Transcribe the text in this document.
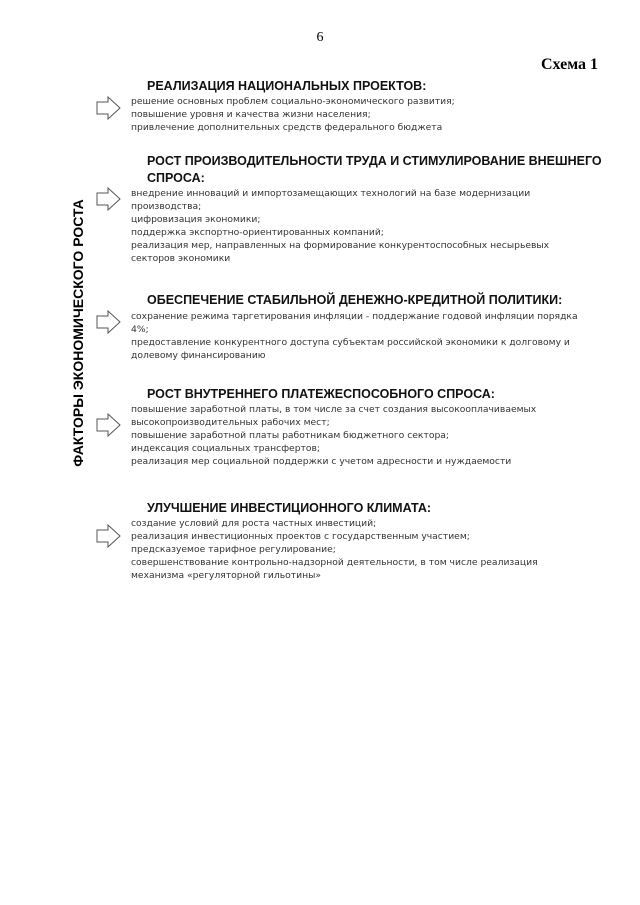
6
Схема 1
ФАКТОРЫ ЭКОНОМИЧЕСКОГО РОСТА
РЕАЛИЗАЦИЯ НАЦИОНАЛЬНЫХ ПРОЕКТОВ:
решение основных проблем социально-экономического развития;
повышение уровня и качества жизни населения;
привлечение дополнительных средств федерального бюджета
РОСТ ПРОИЗВОДИТЕЛЬНОСТИ ТРУДА И СТИМУЛИРОВАНИЕ ВНЕШНЕГО СПРОСА:
внедрение инноваций и импортозамещающих технологий на базе модернизации производства;
цифровизация экономики;
поддержка экспортно-ориентированных компаний;
реализация мер, направленных на формирование конкурентоспособных несырьевых секторов экономики
ОБЕСПЕЧЕНИЕ СТАБИЛЬНОЙ ДЕНЕЖНО-КРЕДИТНОЙ ПОЛИТИКИ:
сохранение режима таргетирования инфляции - поддержание годовой инфляции порядка 4%;
предоставление конкурентного доступа субъектам российской экономики к долговому и долевому финансированию
РОСТ ВНУТРЕННЕГО ПЛАТЕЖЕСПОСОБНОГО СПРОСА:
повышение заработной платы, в том числе за счет создания высокооплачиваемых высокопроизводительных рабочих мест;
повышение заработной платы работникам бюджетного сектора;
индексация социальных трансфертов;
реализация мер социальной поддержки с учетом адресности и нуждаемости
УЛУЧШЕНИЕ ИНВЕСТИЦИОННОГО КЛИМАТА:
создание условий для роста частных инвестиций;
реализация инвестиционных проектов с государственным участием;
предсказуемое тарифное регулирование;
совершенствование контрольно-надзорной деятельности, в том числе реализация механизма «регуляторной гильотины»
